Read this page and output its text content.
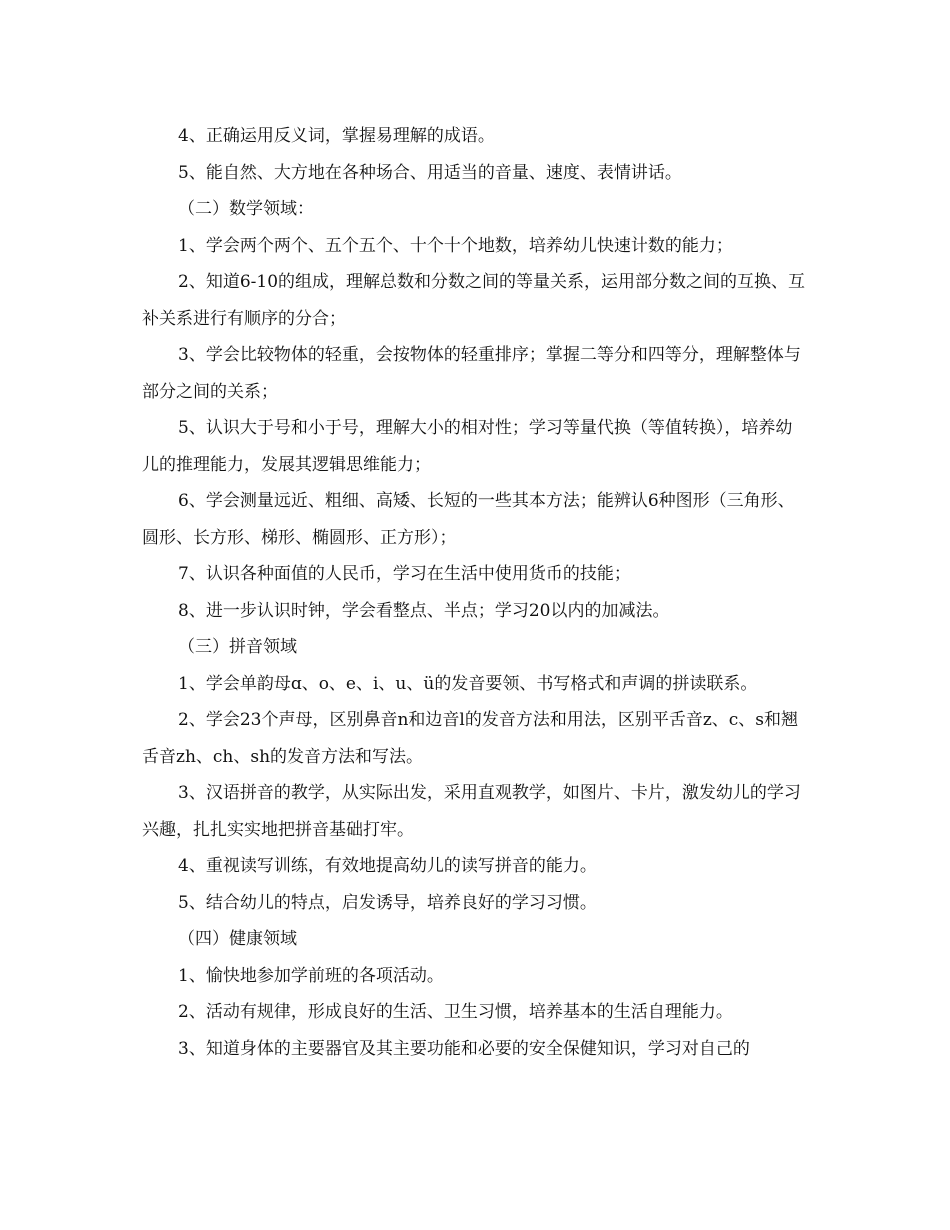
4、正确运用反义词，掌握易理解的成语。

5、能自然、大方地在各种场合、用适当的音量、速度、表情讲话。

（二）数学领域：

1、学会两个两个、五个五个、十个十个地数，培养幼儿快速计数的能力；

2、知道6-10的组成，理解总数和分数之间的等量关系，运用部分数之间的互换、互补关系进行有顺序的分合；

3、学会比较物体的轻重，会按物体的轻重排序；掌握二等分和四等分，理解整体与部分之间的关系；

5、认识大于号和小于号，理解大小的相对性；学习等量代换（等值转换），培养幼儿的推理能力，发展其逻辑思维能力；

6、学会测量远近、粗细、高矮、长短的一些其本方法；能辨认6种图形（三角形、圆形、长方形、梯形、椭圆形、正方形）；

7、认识各种面值的人民币，学习在生活中使用货币的技能；

8、进一步认识时钟，学会看整点、半点；学习20以内的加减法。

（三）拼音领域

1、学会单韵母ɑ、o、e、i、u、ü的发音要领、书写格式和声调的拼读联系。

2、学会23个声母，区别鼻音n和边音l的发音方法和用法，区别平舌音z、c、s和翘舌音zh、ch、sh的发音方法和写法。

3、汉语拼音的教学，从实际出发，采用直观教学，如图片、卡片，激发幼儿的学习兴趣，扎扎实实地把拼音基础打牢。

4、重视读写训练，有效地提高幼儿的读写拼音的能力。

5、结合幼儿的特点，启发诱导，培养良好的学习习惯。

（四）健康领域

1、愉快地参加学前班的各项活动。

2、活动有规律，形成良好的生活、卫生习惯，培养基本的生活自理能力。

3、知道身体的主要器官及其主要功能和必要的安全保健知识，学习对自己的
